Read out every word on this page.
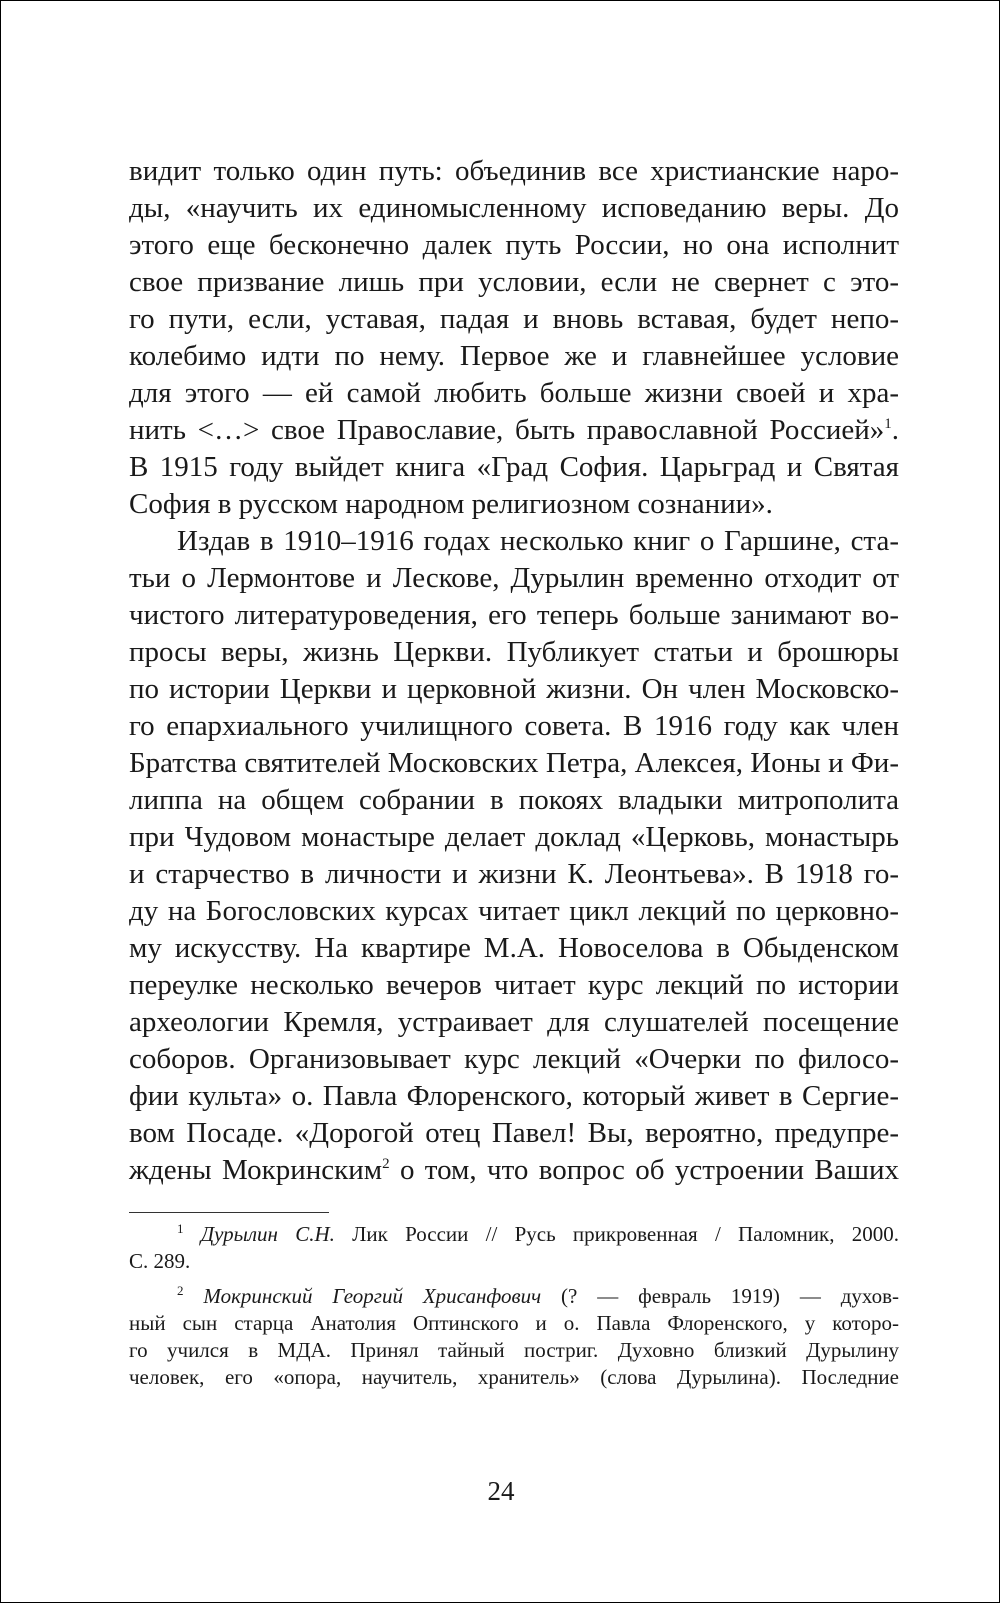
видит только один путь: объединив все христианские наро-
ды, «научить их единомысленному исповеданию веры. До
этого еще бесконечно далек путь России, но она исполнит
свое призвание лишь при условии, если не свернет с это-
го пути, если, уставая, падая и вновь вставая, будет непо-
колебимо идти по нему. Первое же и главнейшее условие
для этого — ей самой любить больше жизни своей и хра-
нить <…> свое Православие, быть православной Россией»$^1$.
В 1915 году выйдет книга «Град София. Царьград и Святая
София в русском народном религиозном сознании».
Издав в 1910–1916 годах несколько книг о Гаршине, ста-
тьи о Лермонтове и Лескове, Дурылин временно отходит от
чистого литературоведения, его теперь больше занимают во-
просы веры, жизнь Церкви. Публикует статьи и брошюры
по истории Церкви и церковной жизни. Он член Московско-
го епархиального училищного совета. В 1916 году как член
Братства святителей Московских Петра, Алексея, Ионы и Фи-
липпа на общем собрании в покоях владыки митрополита
при Чудовом монастыре делает доклад «Церковь, монастырь
и старчество в личности и жизни К. Леонтьева». В 1918 го-
ду на Богословских курсах читает цикл лекций по церковно-
му искусству. На квартире М.А. Новоселова в Обыденском
переулке несколько вечеров читает курс лекций по истории
археологии Кремля, устраивает для слушателей посещение
соборов. Организовывает курс лекций «Очерки по филосо-
фии культа» о. Павла Флоренского, который живет в Сергие-
вом Посаде. «Дорогой отец Павел! Вы, вероятно, предупре-
ждены Мокринским$^2$ о том, что вопрос об устроении Ваших
$^1$ Дурылин С.Н. Лик России // Русь прикровенная / Паломник, 2000.
С. 289.
$^2$ Мокринский Георгий Хрисанфович (? — февраль 1919) — духов-
ный сын старца Анатолия Оптинского и о. Павла Флоренского, у которо-
го учился в МДА. Принял тайный постриг. Духовно близкий Дурылину
человек, его «опора, научитель, хранитель» (слова Дурылина). Последние
24
